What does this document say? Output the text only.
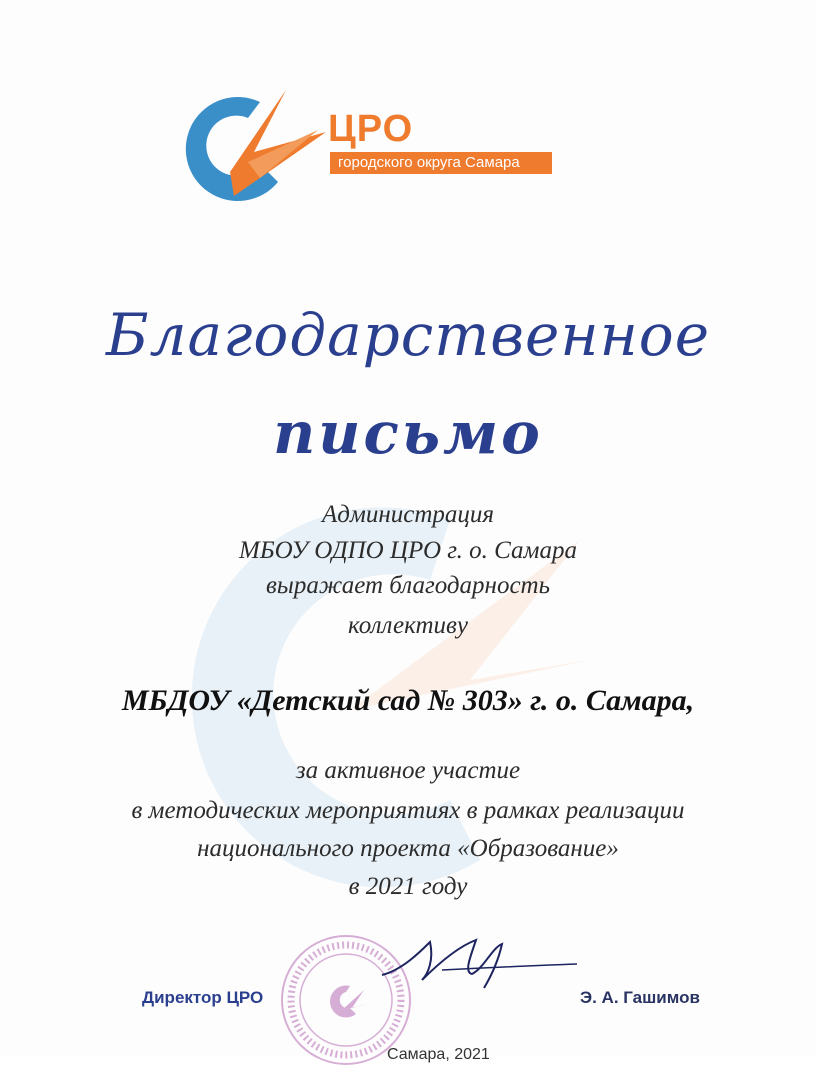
ЦРО
городского округа Самара
Благодарственное
письмо
Администрация
МБОУ ОДПО ЦРО г. о. Самара
выражает благодарность
коллективу
МБДОУ «Детский сад № 303» г. о. Самара,
за активное участие
в методических мероприятиях в рамках реализации
национального проекта «Образование»
в 2021 году
Директор ЦРО	Э. А. Гашимов
Самара, 2021
